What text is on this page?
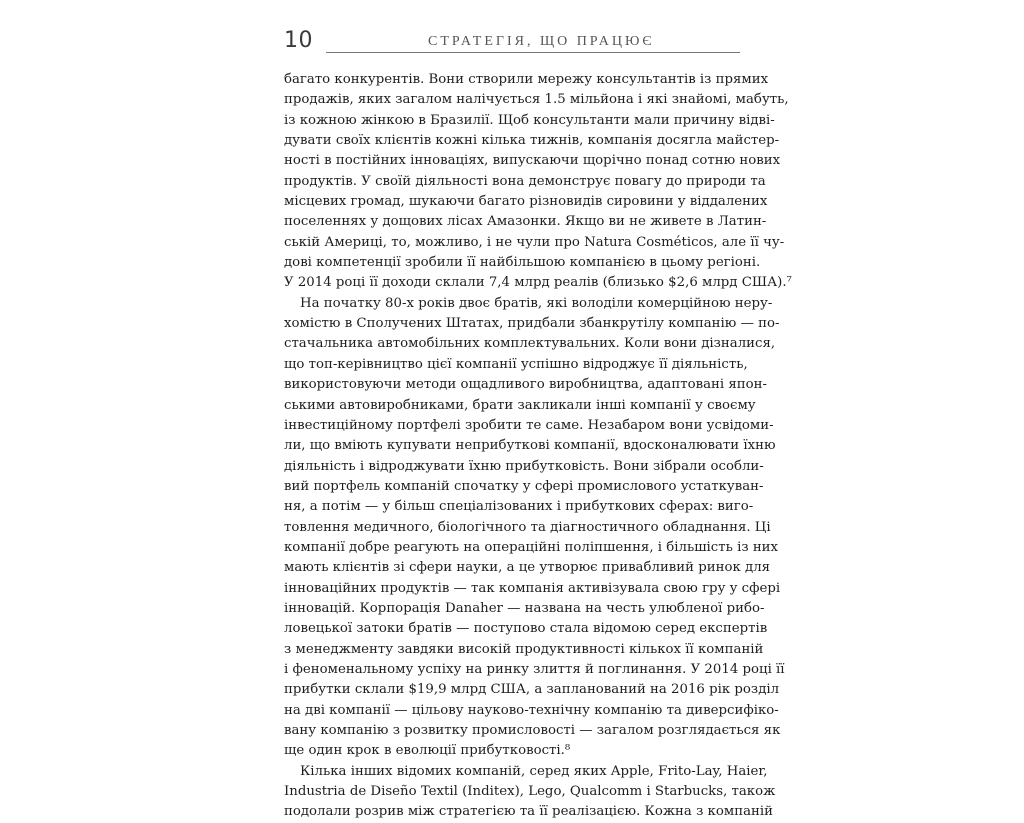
10	СТРАТЕГІЯ, ЩО ПРАЦЮЄ
багато конкурентів. Вони створили мережу консультантів із прямих
продажів, яких загалом налічується 1.5 мільйона і які знайомі, мабуть,
із кожною жінкою в Бразилії. Щоб консультанти мали причину відві-
дувати своїх клієнтів кожні кілька тижнів, компанія досягла майстер-
ності в постійних інноваціях, випускаючи щорічно понад сотню нових
продуктів. У своїй діяльності вона демонструє повагу до природи та
місцевих громад, шукаючи багато різновидів сировини у віддалених
поселеннях у дощових лісах Амазонки. Якщо ви не живете в Латин-
ській Америці, то, можливо, і не чули про Natura Cosméticos, але її чу-
дові компетенції зробили її найбільшою компанією в цьому регіоні.
У 2014 році її доходи склали 7,4 млрд реалів (близько $2,6 млрд США).⁷
На початку 80-х років двоє братів, які володіли комерційною неру-
хомістю в Сполучених Штатах, придбали збанкрутілу компанію — по-
стачальника автомобільних комплектувальних. Коли вони дізналися,
що топ-керівництво цієї компанії успішно відроджує її діяльність,
використовуючи методи ощадливого виробництва, адаптовані япон-
ськими автовиробниками, брати закликали інші компанії у своєму
інвестиційному портфелі зробити те саме. Незабаром вони усвідоми-
ли, що вміють купувати неприбуткові компанії, вдосконалювати їхню
діяльність і відроджувати їхню прибутковість. Вони зібрали особли-
вий портфель компаній спочатку у сфері промислового устаткуван-
ня, а потім — у більш спеціалізованих і прибуткових сферах: виго-
товлення медичного, біологічного та діагностичного обладнання. Ці
компанії добре реагують на операційні поліпшення, і більшість із них
мають клієнтів зі сфери науки, а це утворює привабливий ринок для
інноваційних продуктів — так компанія активізувала свою гру у сфері
інновацій. Корпорація Danaher — названа на честь улюбленої рибо-
ловецької затоки братів — поступово стала відомою серед експертів
з менеджменту завдяки високій продуктивності кількох її компаній
і феноменальному успіху на ринку злиття й поглинання. У 2014 році її
прибутки склали $19,9 млрд США, а запланований на 2016 рік розділ
на дві компанії — цільову науково-технічну компанію та диверсифіко-
вану компанію з розвитку промисловості — загалом розглядається як
ще один крок в еволюції прибутковості.⁸
Кілька інших відомих компаній, серед яких Apple, Frito-Lay, Haier,
Industria de Diseño Textil (Inditex), Lego, Qualcomm і Starbucks, також
подолали розрив між стратегією та її реалізацією. Кожна з компаній
